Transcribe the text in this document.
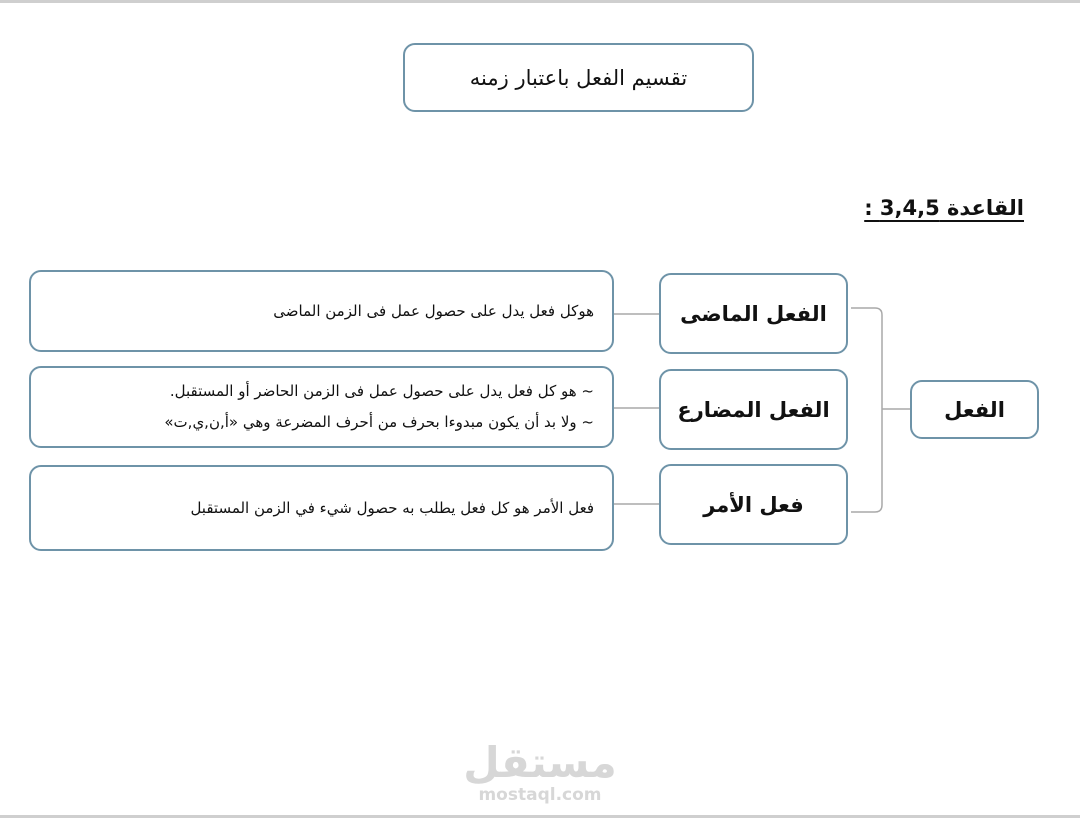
تقسيم الفعل باعتبار زمنه
القاعدة 3,4,5 :
هوكل فعل يدل على حصول عمل فى الزمن الماضى
~ هو كل فعل يدل على حصول عمل فى الزمن الحاضر أو المستقبل.
~ ولا بد أن يكون مبدوءا بحرف من أحرف المضرعة وهي «أ,ن,ي,ت»
فعل الأمر هو كل فعل يطلب به حصول شيء في الزمن المستقبل
الفعل الماضى
الفعل المضارع
فعل الأمر
الفعل
مستقل
mostaql.com
